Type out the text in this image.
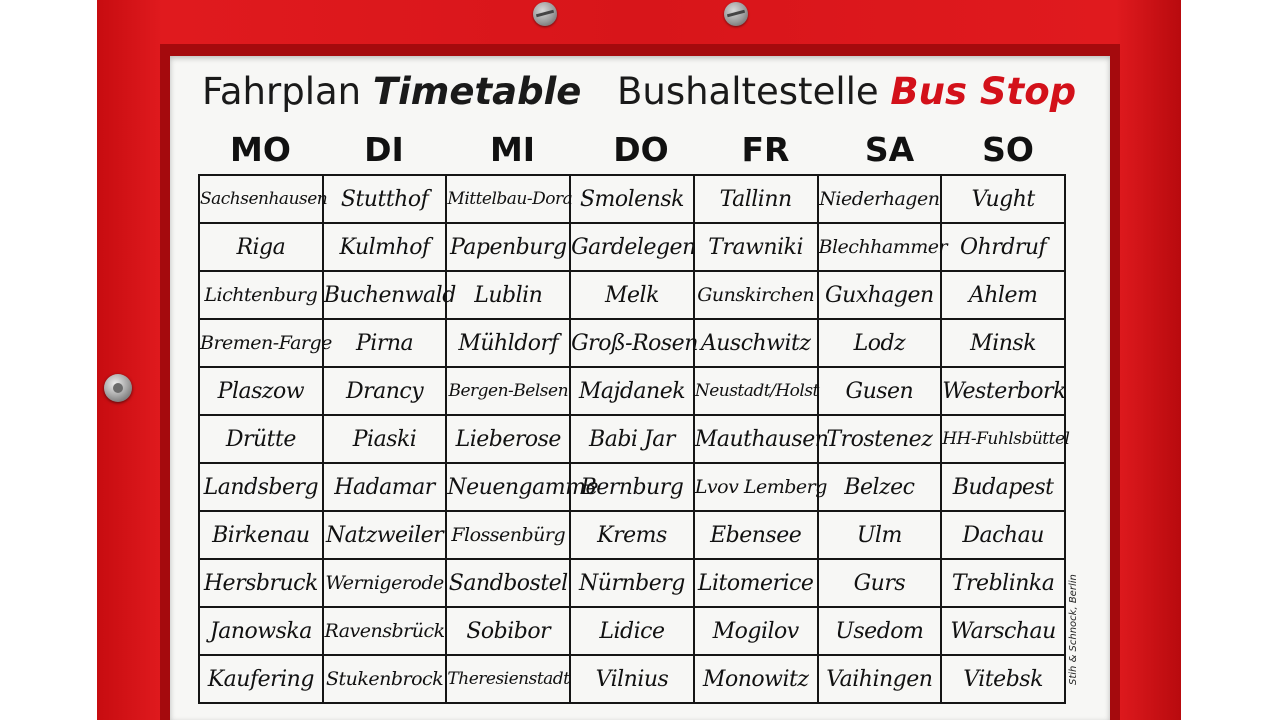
Fahrplan Timetable Bushaltestelle Bus Stop
MO	DI	MI	DO	FR	SA	SO
Sachsenhausen	Stutthof	Mittelbau-Dora	Smolensk	Tallinn	Niederhagen	Vught
Riga	Kulmhof	Papenburg	Gardelegen	Trawniki	Blechhammer	Ohrdruf
Lichtenburg	Buchenwald	Lublin	Melk	Gunskirchen	Guxhagen	Ahlem
Bremen-Farge	Pirna	Mühldorf	Groß-Rosen	Auschwitz	Lodz	Minsk
Plaszow	Drancy	Bergen-Belsen	Majdanek	Neustadt/Holst	Gusen	Westerbork
Drütte	Piaski	Lieberose	Babi Jar	Mauthausen	Trostenez	HH-Fuhlsbüttel
Landsberg	Hadamar	Neuengamme	Bernburg	Lvov Lemberg	Belzec	Budapest
Birkenau	Natzweiler	Flossenbürg	Krems	Ebensee	Ulm	Dachau
Hersbruck	Wernigerode	Sandbostel	Nürnberg	Litomerice	Gurs	Treblinka
Janowska	Ravensbrück	Sobibor	Lidice	Mogilov	Usedom	Warschau
Kaufering	Stukenbrock	Theresienstadt	Vilnius	Monowitz	Vaihingen	Vitebsk	Stih & Schnock, Berlin
